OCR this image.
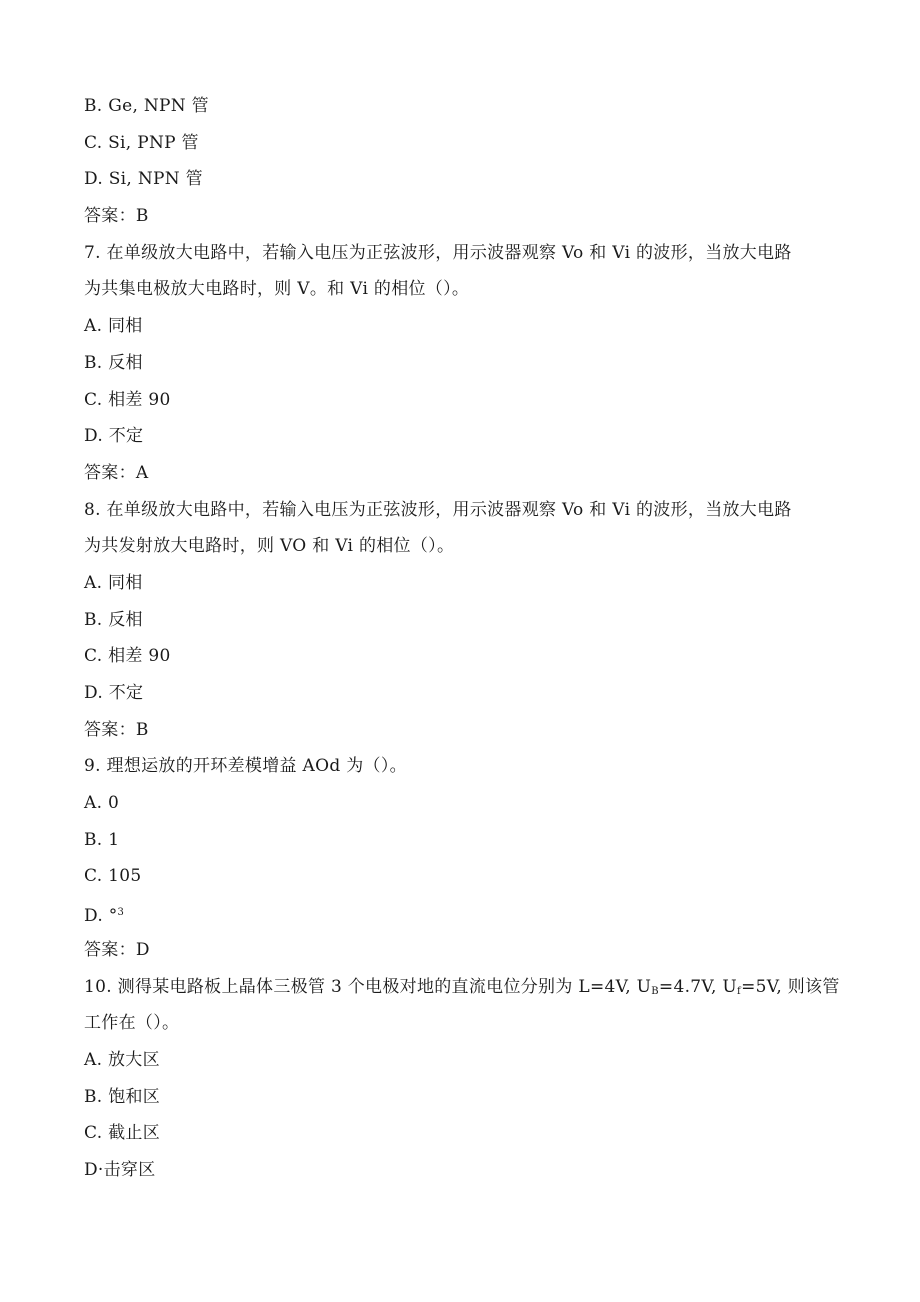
B. Ge, NPN 管
C. Si, PNP 管
D. Si, NPN 管
答案：B
7. 在单级放大电路中，若输入电压为正弦波形，用示波器观察 Vo 和 Vi 的波形，当放大电路
为共集电极放大电路时，则 V。和 Vi 的相位（）。
A. 同相
B. 反相
C. 相差 90
D. 不定
答案：A
8. 在单级放大电路中，若输入电压为正弦波形，用示波器观察 Vo 和 Vi 的波形，当放大电路
为共发射放大电路时，则 VO 和 Vi 的相位（）。
A. 同相
B. 反相
C. 相差 90
D. 不定
答案：B
9. 理想运放的开环差模增益 AOd 为（）。
A. 0
B. 1
C. 105
D. °$^3$
答案：D
10. 测得某电路板上晶体三极管 3 个电极对地的直流电位分别为 L=4V, $U_B=4.7V$, $U_f=5V$, 则该管
工作在（）。
A. 放大区
B. 饱和区
C. 截止区
D·击穿区
